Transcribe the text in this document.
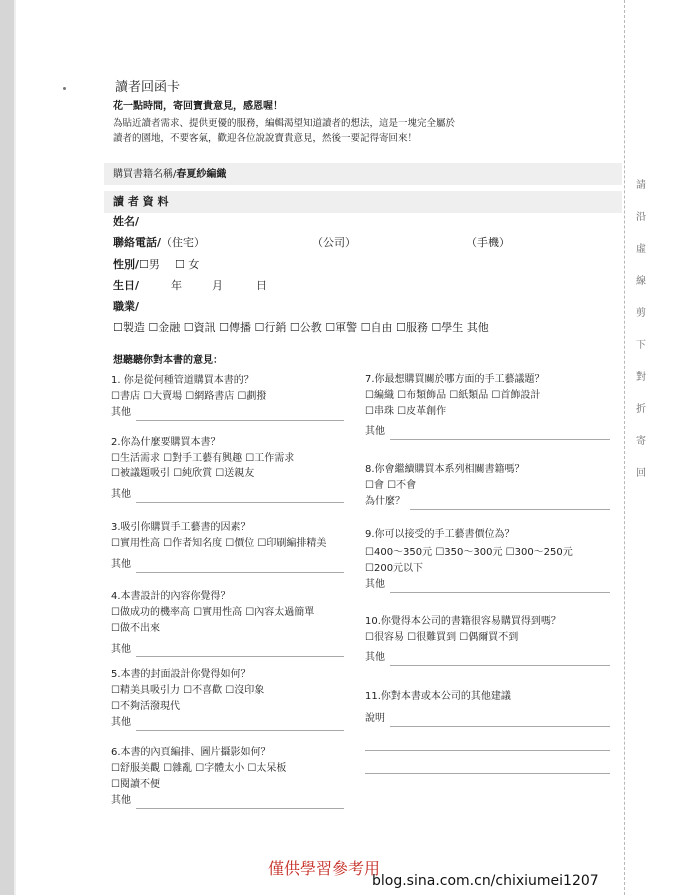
讀者回函卡
花一點時間，寄回寶貴意見，感恩喔！
為貼近讀者需求、提供更優的服務，編輯渴望知道讀者的想法，這是一塊完全屬於
讀者的園地，不要客氣，歡迎各位說說寶貴意見，然後一要記得寄回來！
購買書籍名稱/春夏紗編織
讀 者 資 料
姓名/
聯絡電話/（住宅）	（公司）	（手機）
性別/☐男 ☐ 女
生日/	年	月	日
職業/
☐製造 ☐金融 ☐資訊 ☐傳播 ☐行銷 ☐公教 ☐軍警 ☐自由 ☐服務 ☐學生 其他
想聽聽你對本書的意見：
1. 你是從何種管道購買本書的？
☐書店 ☐大賣場 ☐網路書店 ☐劃撥
其他
2.你為什麼要購買本書？
☐生活需求 ☐對手工藝有興趣 ☐工作需求
☐被議題吸引 ☐純欣賞 ☐送親友
其他
3.吸引你購買手工藝書的因素？
☐實用性高 ☐作者知名度 ☐價位 ☐印刷編排精美
其他
4.本書設計的內容你覺得？
☐做成功的機率高 ☐實用性高 ☐內容太過簡單
☐做不出來
其他
5.本書的封面設計你覺得如何？
☐精美具吸引力 ☐不喜歡 ☐沒印象
☐不夠活潑現代
其他
6.本書的內頁編排、圖片攝影如何？
☐舒服美觀 ☐雜亂 ☐字體太小 ☐太呆板
☐閱讀不便
其他
7.你最想購買關於哪方面的手工藝議題？
☐編織 ☐布類飾品 ☐紙類品 ☐首飾設計
☐串珠 ☐皮革創作
其他
8.你會繼續購買本系列相關書籍嗎？
☐會 ☐不會
為什麼？
9.你可以接受的手工藝書價位為？
☐400～350元 ☐350～300元 ☐300～250元
☐200元以下
其他
10.你覺得本公司的書籍很容易購買得到嗎？
☐很容易 ☐很難買到 ☐偶爾買不到
其他
11.你對本書或本公司的其他建議
說明
請
沿
虛
線
剪
下
對
折
寄
回
僅供學習參考用
blog.sina.com.cn/chixiumei1207
